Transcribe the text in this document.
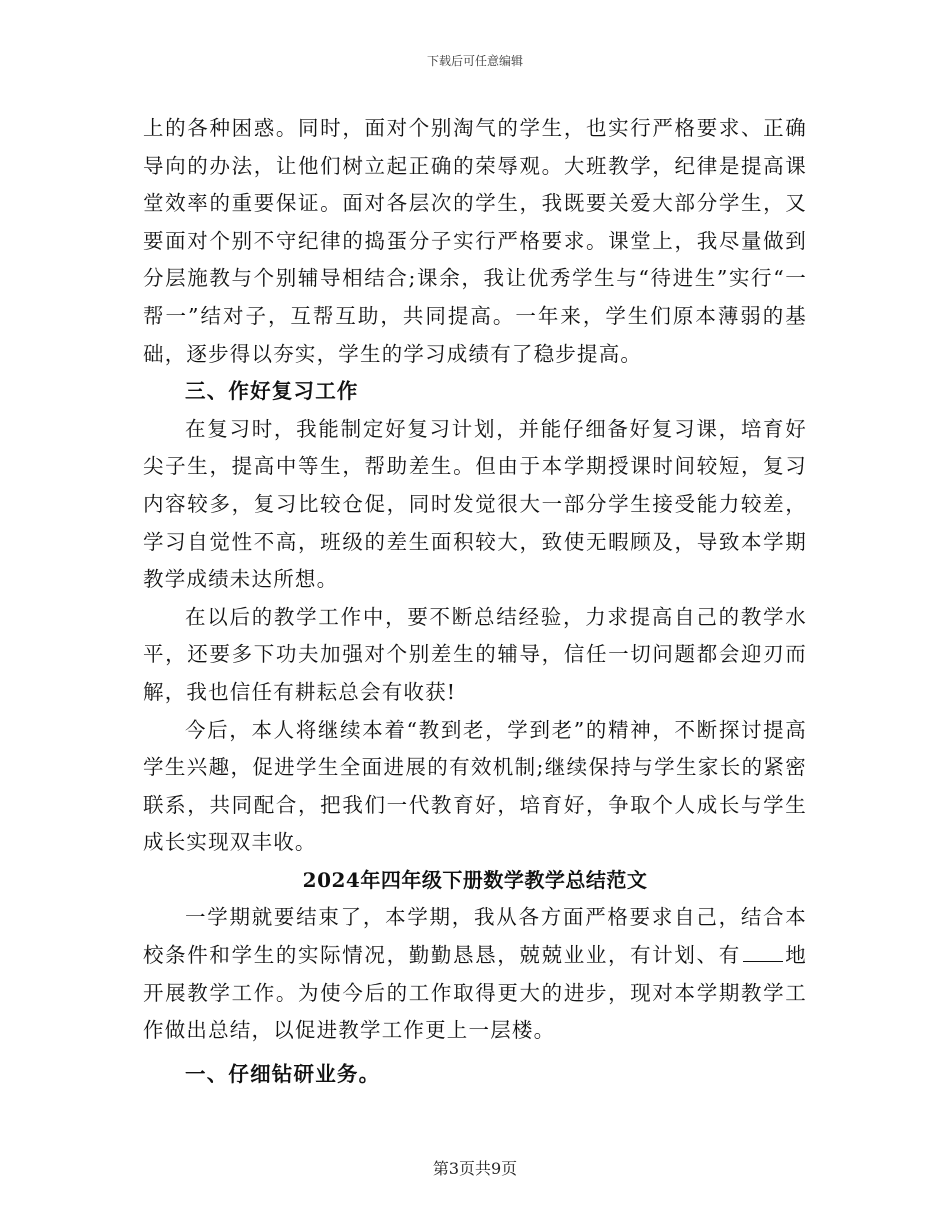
下载后可任意编辑

上的各种困惑。同时，面对个别淘气的学生，也实行严格要求、正确导向的办法，让他们树立起正确的荣辱观。大班教学，纪律是提高课堂效率的重要保证。面对各层次的学生，我既要关爱大部分学生，又要面对个别不守纪律的捣蛋分子实行严格要求。课堂上，我尽量做到分层施教与个别辅导相结合;课余，我让优秀学生与“待进生”实行“一帮一”结对子，互帮互助，共同提高。一年来，学生们原本薄弱的基础，逐步得以夯实，学生的学习成绩有了稳步提高。

三、作好复习工作

在复习时，我能制定好复习计划，并能仔细备好复习课，培育好尖子生，提高中等生，帮助差生。但由于本学期授课时间较短，复习内容较多，复习比较仓促，同时发觉很大一部分学生接受能力较差，学习自觉性不高，班级的差生面积较大，致使无暇顾及，导致本学期教学成绩未达所想。

在以后的教学工作中，要不断总结经验，力求提高自己的教学水平，还要多下功夫加强对个别差生的辅导，信任一切问题都会迎刃而解，我也信任有耕耘总会有收获!

今后，本人将继续本着“教到老，学到老”的精神，不断探讨提高学生兴趣，促进学生全面进展的有效机制;继续保持与学生家长的紧密联系，共同配合，把我们一代教育好，培育好，争取个人成长与学生成长实现双丰收。

2024年四年级下册数学教学总结范文

一学期就要结束了，本学期，我从各方面严格要求自己，结合本校条件和学生的实际情况，勤勤恳恳，兢兢业业，有计划、有 地开展教学工作。为使今后的工作取得更大的进步，现对本学期教学工作做出总结，以促进教学工作更上一层楼。

一、仔细钻研业务。

第3页共9页
